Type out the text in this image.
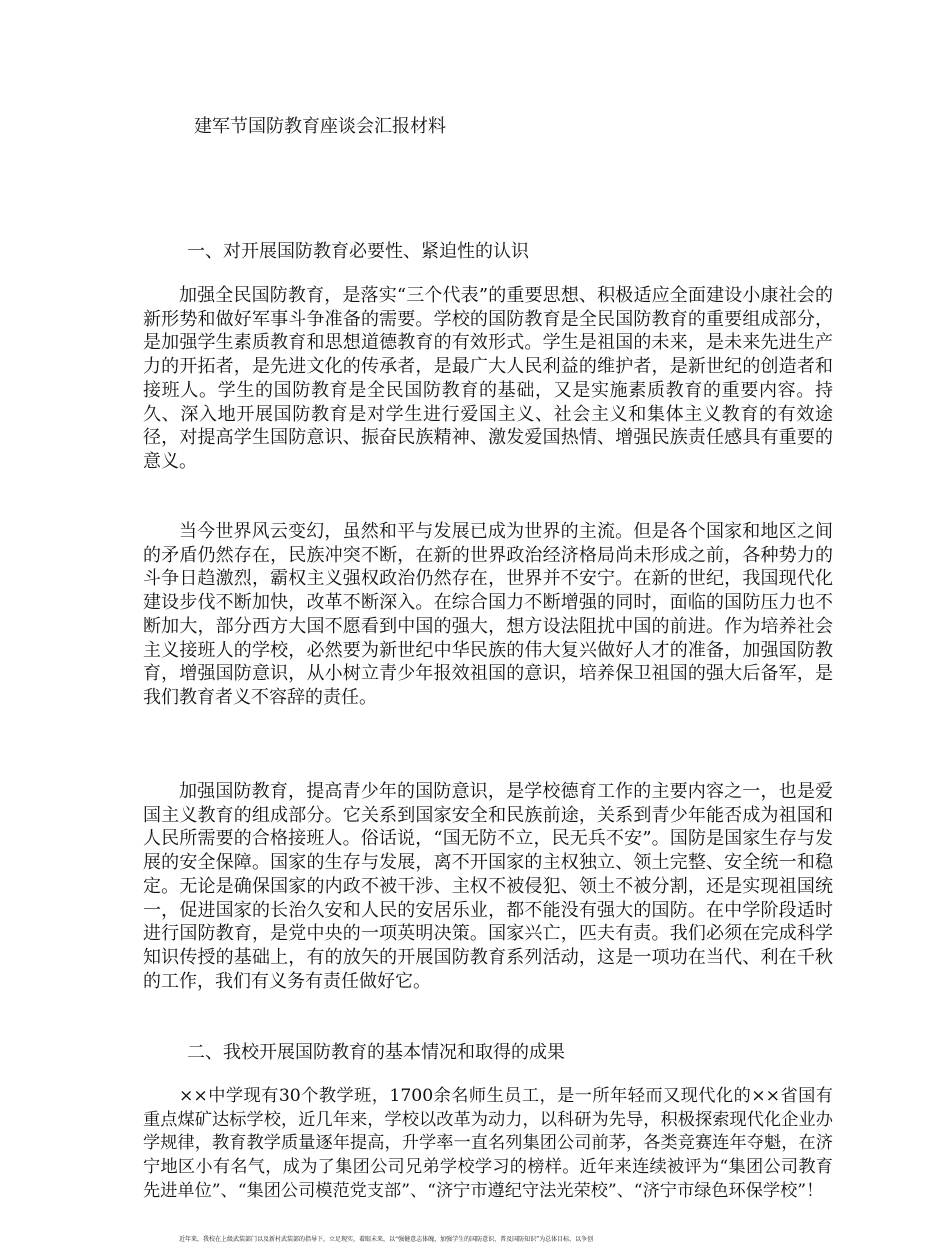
建军节国防教育座谈会汇报材料
一、对开展国防教育必要性、紧迫性的认识

加强全民国防教育，是落实“三个代表”的重要思想、积极适应全面建设小康社会的新形势和做好军事斗争准备的需要。学校的国防教育是全民国防教育的重要组成部分，是加强学生素质教育和思想道德教育的有效形式。学生是祖国的未来，是未来先进生产力的开拓者，是先进文化的传承者，是最广大人民利益的维护者，是新世纪的创造者和接班人。学生的国防教育是全民国防教育的基础，又是实施素质教育的重要内容。持久、深入地开展国防教育是对学生进行爱国主义、社会主义和集体主义教育的有效途径，对提高学生国防意识、振奋民族精神、激发爱国热情、增强民族责任感具有重要的意义。

当今世界风云变幻，虽然和平与发展已成为世界的主流。但是各个国家和地区之间的矛盾仍然存在，民族冲突不断，在新的世界政治经济格局尚未形成之前，各种势力的斗争日趋激烈，霸权主义强权政治仍然存在，世界并不安宁。在新的世纪，我国现代化建设步伐不断加快，改革不断深入。在综合国力不断增强的同时，面临的国防压力也不断加大，部分西方大国不愿看到中国的强大，想方设法阻扰中国的前进。作为培养社会主义接班人的学校，必然要为新世纪中华民族的伟大复兴做好人才的准备，加强国防教育，增强国防意识，从小树立青少年报效祖国的意识，培养保卫祖国的强大后备军，是我们教育者义不容辞的责任。

加强国防教育，提高青少年的国防意识，是学校德育工作的主要内容之一，也是爱国主义教育的组成部分。它关系到国家安全和民族前途，关系到青少年能否成为祖国和人民所需要的合格接班人。俗话说，“国无防不立，民无兵不安”。国防是国家生存与发展的安全保障。国家的生存与发展，离不开国家的主权独立、领土完整、安全统一和稳定。无论是确保国家的内政不被干涉、主权不被侵犯、领土不被分割，还是实现祖国统一，促进国家的长治久安和人民的安居乐业，都不能没有强大的国防。在中学阶段适时进行国防教育，是党中央的一项英明决策。国家兴亡，匹夫有责。我们必须在完成科学知识传授的基础上，有的放矢的开展国防教育系列活动，这是一项功在当代、利在千秋的工作，我们有义务有责任做好它。

二、我校开展国防教育的基本情况和取得的成果

××中学现有30个教学班，1700余名师生员工，是一所年轻而又现代化的××省国有重点煤矿达标学校，近几年来，学校以改革为动力，以科研为先导，积极探索现代化企业办学规律，教育教学质量逐年提高，升学率一直名列集团公司前茅，各类竞赛连年夺魁，在济宁地区小有名气，成为了集团公司兄弟学校学习的榜样。近年来连续被评为“集团公司教育先进单位”、“集团公司模范党支部”、“济宁市遵纪守法光荣校”、“济宁市绿色环保学校”！

近年来，我校在上级武装部门以及新村武装部的指导下，立足现实，着眼未来，以“强健意志体魄，加强学生的国防意识、普及国防知识”为总体目标，以争创
